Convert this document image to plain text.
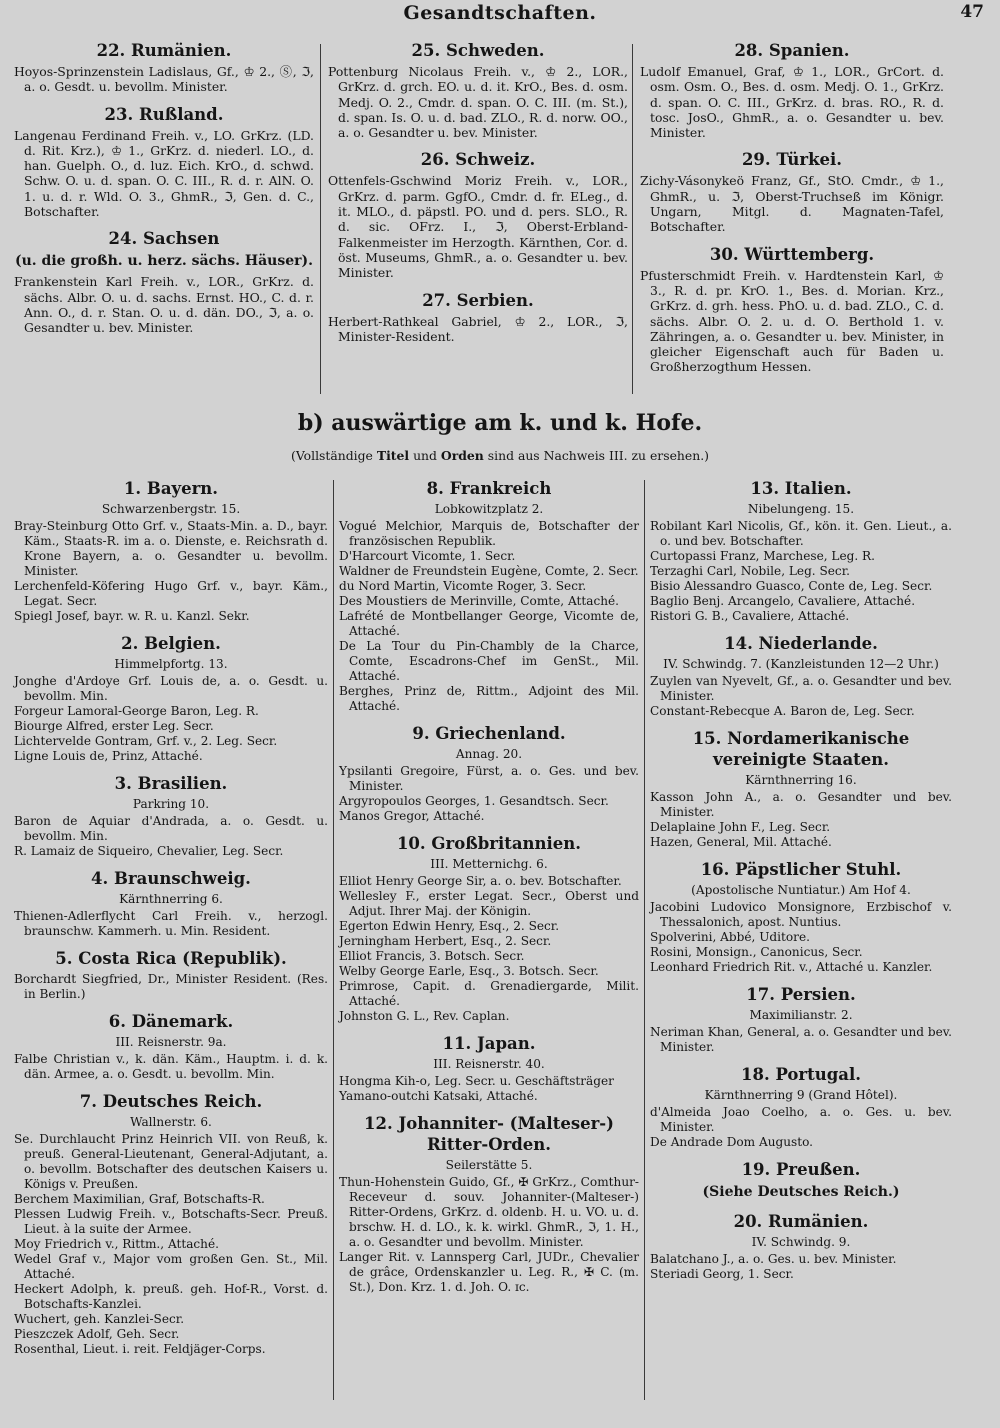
Gesandtschaften.	47
22. Rumänien.
Hoyos-Sprinzenstein Ladislaus, Gf., ♔ 2., Ⓢ, ℑ, a. o. Gesdt. u. bevollm. Minister.
23. Rußland.
Langenau Ferdinand Freih. v., LO. GrKrz. (LD. d. Rit. Krz.), ♔ 1., GrKrz. d. niederl. LO., d. han. Guelph. O., d. luz. Eich. KrO., d. schwd. Schw. O. u. d. span. O. C. III., R. d. r. AlN. O. 1. u. d. r. Wld. O. 3., GhmR., ℑ, Gen. d. C., Botschafter.
24. Sachsen
(u. die großh. u. herz. sächs. Häuser).
Frankenstein Karl Freih. v., LOR., GrKrz. d. sächs. Albr. O. u. d. sachs. Ernst. HO., C. d. r. Ann. O., d. r. Stan. O. u. d. dän. DO., ℑ, a. o. Gesandter u. bev. Minister.
25. Schweden.
Pottenburg Nicolaus Freih. v., ♔ 2., LOR., GrKrz. d. grch. EO. u. d. it. KrO., Bes. d. osm. Medj. O. 2., Cmdr. d. span. O. C. III. (m. St.), d. span. Is. O. u. d. bad. ZLO., R. d. norw. OO., a. o. Gesandter u. bev. Minister.
26. Schweiz.
Ottenfels-Gschwind Moriz Freih. v., LOR., GrKrz. d. parm. GgfO., Cmdr. d. fr. ELeg., d. it. MLO., d. päpstl. PO. und d. pers. SLO., R. d. sic. OFrz. I., ℑ, Oberst-Erbland-Falkenmeister im Herzogth. Kärnthen, Cor. d. öst. Museums, GhmR., a. o. Gesandter u. bev. Minister.
27. Serbien.
Herbert-Rathkeal Gabriel, ♔ 2., LOR., ℑ, Minister-Resident.
28. Spanien.
Ludolf Emanuel, Graf, ♔ 1., LOR., GrCort. d. osm. Osm. O., Bes. d. osm. Medj. O. 1., GrKrz. d. span. O. C. III., GrKrz. d. bras. RO., R. d. tosc. JosO., GhmR., a. o. Gesandter u. bev. Minister.
29. Türkei.
Zichy-Vásonykeö Franz, Gf., StO. Cmdr., ♔ 1., GhmR., u. ℑ, Oberst-Truchseß im Königr. Ungarn, Mitgl. d. Magnaten-Tafel, Botschafter.
30. Württemberg.
Pfusterschmidt Freih. v. Hardtenstein Karl, ♔ 3., R. d. pr. KrO. 1., Bes. d. Morian. Krz., GrKrz. d. grh. hess. PhO. u. d. bad. ZLO., C. d. sächs. Albr. O. 2. u. d. O. Berthold 1. v. Zähringen, a. o. Gesandter u. bev. Minister, in gleicher Eigenschaft auch für Baden u. Großherzogthum Hessen.
b) auswärtige am k. und k. Hofe.
(Vollständige Titel und Orden sind aus Nachweis III. zu ersehen.)
1. Bayern.
Schwarzenbergstr. 15.
Bray-Steinburg Otto Grf. v., Staats-Min. a. D., bayr. Käm., Staats-R. im a. o. Dienste, e. Reichsrath d. Krone Bayern, a. o. Gesandter u. bevollm. Minister.
Lerchenfeld-Köfering Hugo Grf. v., bayr. Käm., Legat. Secr.
Spiegl Josef, bayr. w. R. u. Kanzl. Sekr.
2. Belgien.
Himmelpfortg. 13.
Jonghe d'Ardoye Grf. Louis de, a. o. Gesdt. u. bevollm. Min.
Forgeur Lamoral-George Baron, Leg. R.
Biourge Alfred, erster Leg. Secr.
Lichtervelde Gontram, Grf. v., 2. Leg. Secr.
Ligne Louis de, Prinz, Attaché.
3. Brasilien.
Parkring 10.
Baron de Aquiar d'Andrada, a. o. Gesdt. u. bevollm. Min.
R. Lamaiz de Siqueiro, Chevalier, Leg. Secr.
4. Braunschweig.
Kärnthnerring 6.
Thienen-Adlerflycht Carl Freih. v., herzogl. braunschw. Kammerh. u. Min. Resident.
5. Costa Rica (Republik).
Borchardt Siegfried, Dr., Minister Resident. (Res. in Berlin.)
6. Dänemark.
III. Reisnerstr. 9a.
Falbe Christian v., k. dän. Käm., Hauptm. i. d. k. dän. Armee, a. o. Gesdt. u. bevollm. Min.
7. Deutsches Reich.
Wallnerstr. 6.
Se. Durchlaucht Prinz Heinrich VII. von Reuß, k. preuß. General-Lieutenant, General-Adjutant, a. o. bevollm. Botschafter des deutschen Kaisers u. Königs v. Preußen.
Berchem Maximilian, Graf, Botschafts-R.
Plessen Ludwig Freih. v., Botschafts-Secr. Preuß. Lieut. à la suite der Armee.
Moy Friedrich v., Rittm., Attaché.
Wedel Graf v., Major vom großen Gen. St., Mil. Attaché.
Heckert Adolph, k. preuß. geh. Hof-R., Vorst. d. Botschafts-Kanzlei.
Wuchert, geh. Kanzlei-Secr.
Pieszczek Adolf, Geh. Secr.
Rosenthal, Lieut. i. reit. Feldjäger-Corps.
8. Frankreich
Lobkowitzplatz 2.
Vogué Melchior, Marquis de, Botschafter der französischen Republik.
D'Harcourt Vicomte, 1. Secr.
Waldner de Freundstein Eugène, Comte, 2. Secr.
du Nord Martin, Vicomte Roger, 3. Secr.
Des Moustiers de Merinville, Comte, Attaché.
Lafrété de Montbellanger George, Vicomte de, Attaché.
De La Tour du Pin-Chambly de la Charce, Comte, Escadrons-Chef im GenSt., Mil. Attaché.
Berghes, Prinz de, Rittm., Adjoint des Mil. Attaché.
9. Griechenland.
Annag. 20.
Ypsilanti Gregoire, Fürst, a. o. Ges. und bev. Minister.
Argyropoulos Georges, 1. Gesandtsch. Secr.
Manos Gregor, Attaché.
10. Großbritannien.
III. Metternichg. 6.
Elliot Henry George Sir, a. o. bev. Botschafter.
Wellesley F., erster Legat. Secr., Oberst und Adjut. Ihrer Maj. der Königin.
Egerton Edwin Henry, Esq., 2. Secr.
Jerningham Herbert, Esq., 2. Secr.
Elliot Francis, 3. Botsch. Secr.
Welby George Earle, Esq., 3. Botsch. Secr.
Primrose, Capit. d. Grenadiergarde, Milit. Attaché.
Johnston G. L., Rev. Caplan.
11. Japan.
III. Reisnerstr. 40.
Hongma Kih-o, Leg. Secr. u. Geschäftsträger
Yamano-outchi Katsaki, Attaché.
12. Johanniter- (Malteser-) Ritter-Orden.
Seilerstätte 5.
Thun-Hohenstein Guido, Gf., ✠ GrKrz., Comthur-Receveur d. souv. Johanniter-(Malteser-) Ritter-Ordens, GrKrz. d. oldenb. H. u. VO. u. d. brschw. H. d. LO., k. k. wirkl. GhmR., ℑ, 1. H., a. o. Gesandter und bevollm. Minister.
Langer Rit. v. Lannsperg Carl, JUDr., Chevalier de grâce, Ordenskanzler u. Leg. R., ✠ C. (m. St.), Don. Krz. 1. d. Joh. O. ɪc.
13. Italien.
Nibelungeng. 15.
Robilant Karl Nicolis, Gf., kön. it. Gen. Lieut., a. o. und bev. Botschafter.
Curtopassi Franz, Marchese, Leg. R.
Terzaghi Carl, Nobile, Leg. Secr.
Bisio Alessandro Guasco, Conte de, Leg. Secr.
Baglio Benj. Arcangelo, Cavaliere, Attaché.
Ristori G. B., Cavaliere, Attaché.
14. Niederlande.
IV. Schwindg. 7. (Kanzleistunden 12—2 Uhr.)
Zuylen van Nyevelt, Gf., a. o. Gesandter und bev. Minister.
Constant-Rebecque A. Baron de, Leg. Secr.
15. Nordamerikanische vereinigte Staaten.
Kärnthnerring 16.
Kasson John A., a. o. Gesandter und bev. Minister.
Delaplaine John F., Leg. Secr.
Hazen, General, Mil. Attaché.
16. Päpstlicher Stuhl.
(Apostolische Nuntiatur.) Am Hof 4.
Jacobini Ludovico Monsignore, Erzbischof v. Thessalonich, apost. Nuntius.
Spolverini, Abbé, Uditore.
Rosini, Monsign., Canonicus, Secr.
Leonhard Friedrich Rit. v., Attaché u. Kanzler.
17. Persien.
Maximilianstr. 2.
Neriman Khan, General, a. o. Gesandter und bev. Minister.
18. Portugal.
Kärnthnerring 9 (Grand Hôtel).
d'Almeida Joao Coelho, a. o. Ges. u. bev. Minister.
De Andrade Dom Augusto.
19. Preußen.
(Siehe Deutsches Reich.)
20. Rumänien.
IV. Schwindg. 9.
Balatchano J., a. o. Ges. u. bev. Minister.
Steriadi Georg, 1. Secr.
